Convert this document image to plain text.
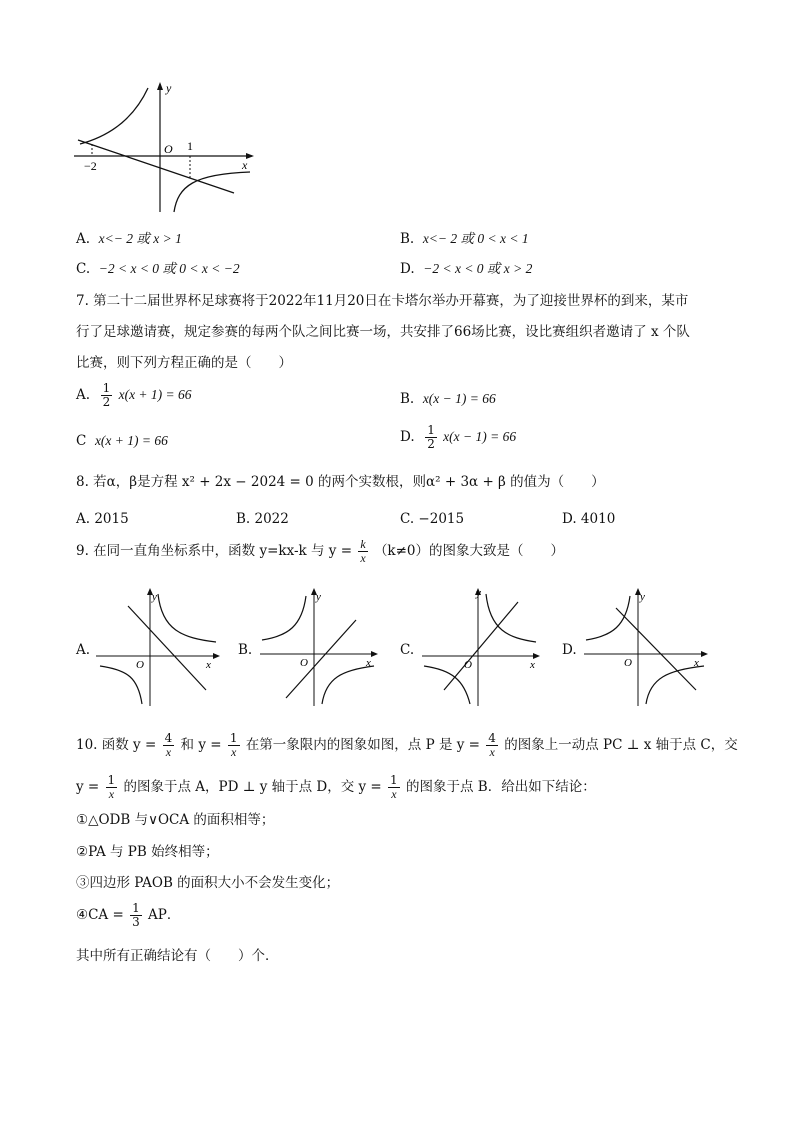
y
x
O
−2
1
A. x<− 2 或 x > 1	B. x<− 2 或 0 < x < 1
C. −2 < x < 0 或 0 < x < −2	D. −2 < x < 0 或 x > 2
7. 第二十二届世界杯足球赛将于2022年11月20日在卡塔尔举办开幕赛，为了迎接世界杯的到来，某市
行了足球邀请赛，规定参赛的每两个队之间比赛一场，共安排了66场比赛，设比赛组织者邀请了 x 个队
比赛，则下列方程正确的是（　　）
A. $\frac{1}{2} x(x + 1) = 66$	B. x(x − 1) = 66
C x(x + 1) = 66	D. $\frac{1}{2} x(x - 1) = 66$
8. 若α，β是方程 x² + 2x − 2024 = 0 的两个实数根，则α² + 3α + β 的值为（　　）
A. 2015	B. 2022	C. −2015	D. 4010
9. 在同一直角坐标系中，函数 y=kx-k 与 $y = \frac{k}{x} (k\ne 0)$的图象大致是（　　）
A.
y
x
O
B.
y
x
O
C.
y
x
O
D.
y
x
O
10. 函数 $y = \frac{4}{x}$ 和 $y = \frac{1}{x}$ 在第一象限内的图象如图，点 P 是 $y = \frac{4}{x}$ 的图象上一动点 PC ⊥ x 轴于点 C，交
$y = \frac{1}{x}$ 的图象于点 A，PD ⊥ y 轴于点 D，交 $y = \frac{1}{x}$ 的图象于点 B．给出如下结论：
①△ODB 与∨OCA 的面积相等；
②PA 与 PB 始终相等；
③四边形 PAOB 的面积大小不会发生变化；
④CA = $\frac{1}{3}$ AP．
其中所有正确结论有（　　）个．
